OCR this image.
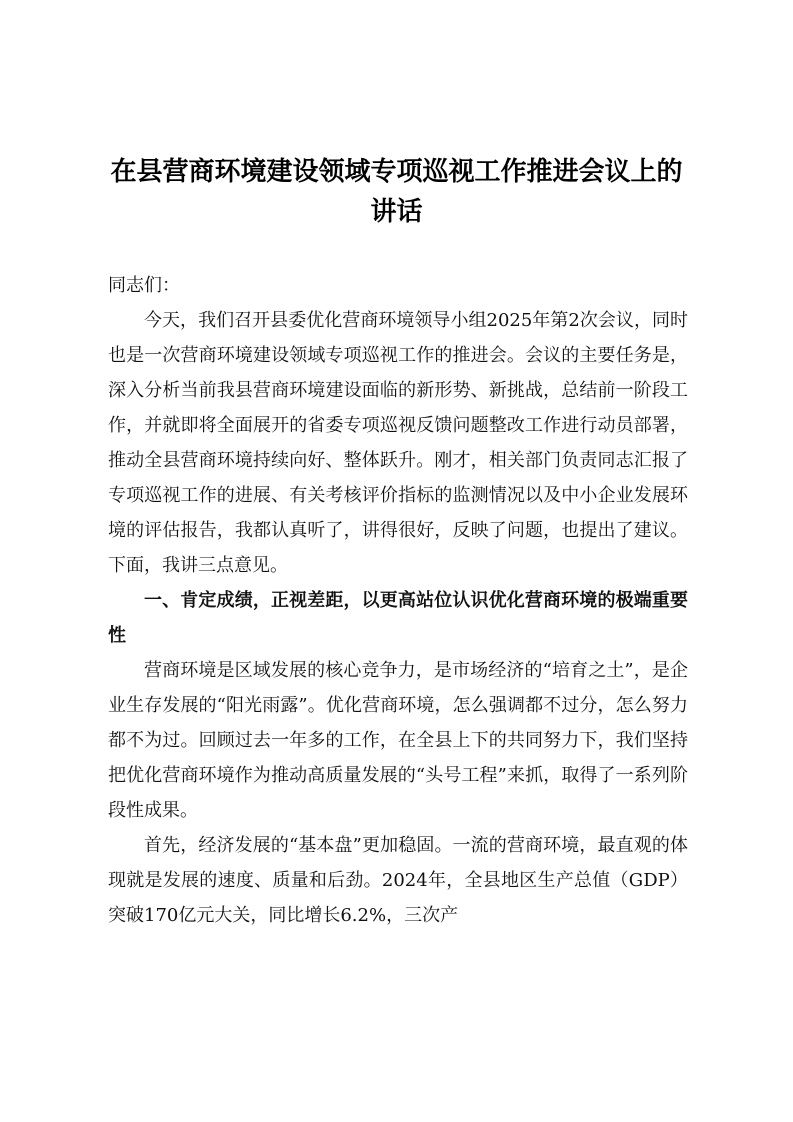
在县营商环境建设领域专项巡视工作推进会议上的讲话

同志们：

今天，我们召开县委优化营商环境领导小组2025年第2次会议，同时也是一次营商环境建设领域专项巡视工作的推进会。会议的主要任务是，深入分析当前我县营商环境建设面临的新形势、新挑战，总结前一阶段工作，并就即将全面展开的省委专项巡视反馈问题整改工作进行动员部署，推动全县营商环境持续向好、整体跃升。刚才，相关部门负责同志汇报了专项巡视工作的进展、有关考核评价指标的监测情况以及中小企业发展环境的评估报告，我都认真听了，讲得很好，反映了问题，也提出了建议。下面，我讲三点意见。

一、肯定成绩，正视差距，以更高站位认识优化营商环境的极端重要性

营商环境是区域发展的核心竞争力，是市场经济的“培育之土”，是企业生存发展的“阳光雨露”。优化营商环境，怎么强调都不过分，怎么努力都不为过。回顾过去一年多的工作，在全县上下的共同努力下，我们坚持把优化营商环境作为推动高质量发展的“头号工程”来抓，取得了一系列阶段性成果。

首先，经济发展的“基本盘”更加稳固。一流的营商环境，最直观的体现就是发展的速度、质量和后劲。2024年，全县地区生产总值（GDP）突破170亿元大关，同比增长6.2%，三次产
